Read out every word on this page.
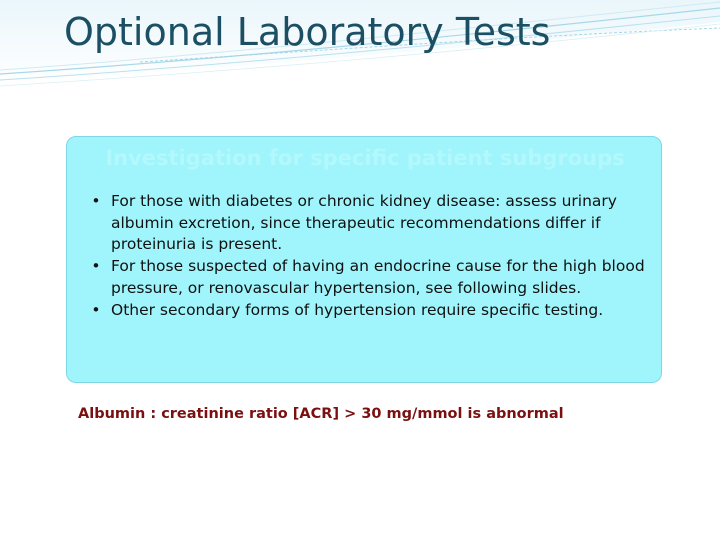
Optional Laboratory Tests
Investigation for specific patient subgroups
• For those with diabetes or chronic kidney disease: assess urinary albumin excretion, since therapeutic recommendations differ if proteinuria is present.
• For those suspected of having an endocrine cause for the high blood pressure, or renovascular hypertension, see following slides.
• Other secondary forms of hypertension require specific testing.

Albumin : creatinine ratio [ACR] > 30 mg/mmol is abnormal
